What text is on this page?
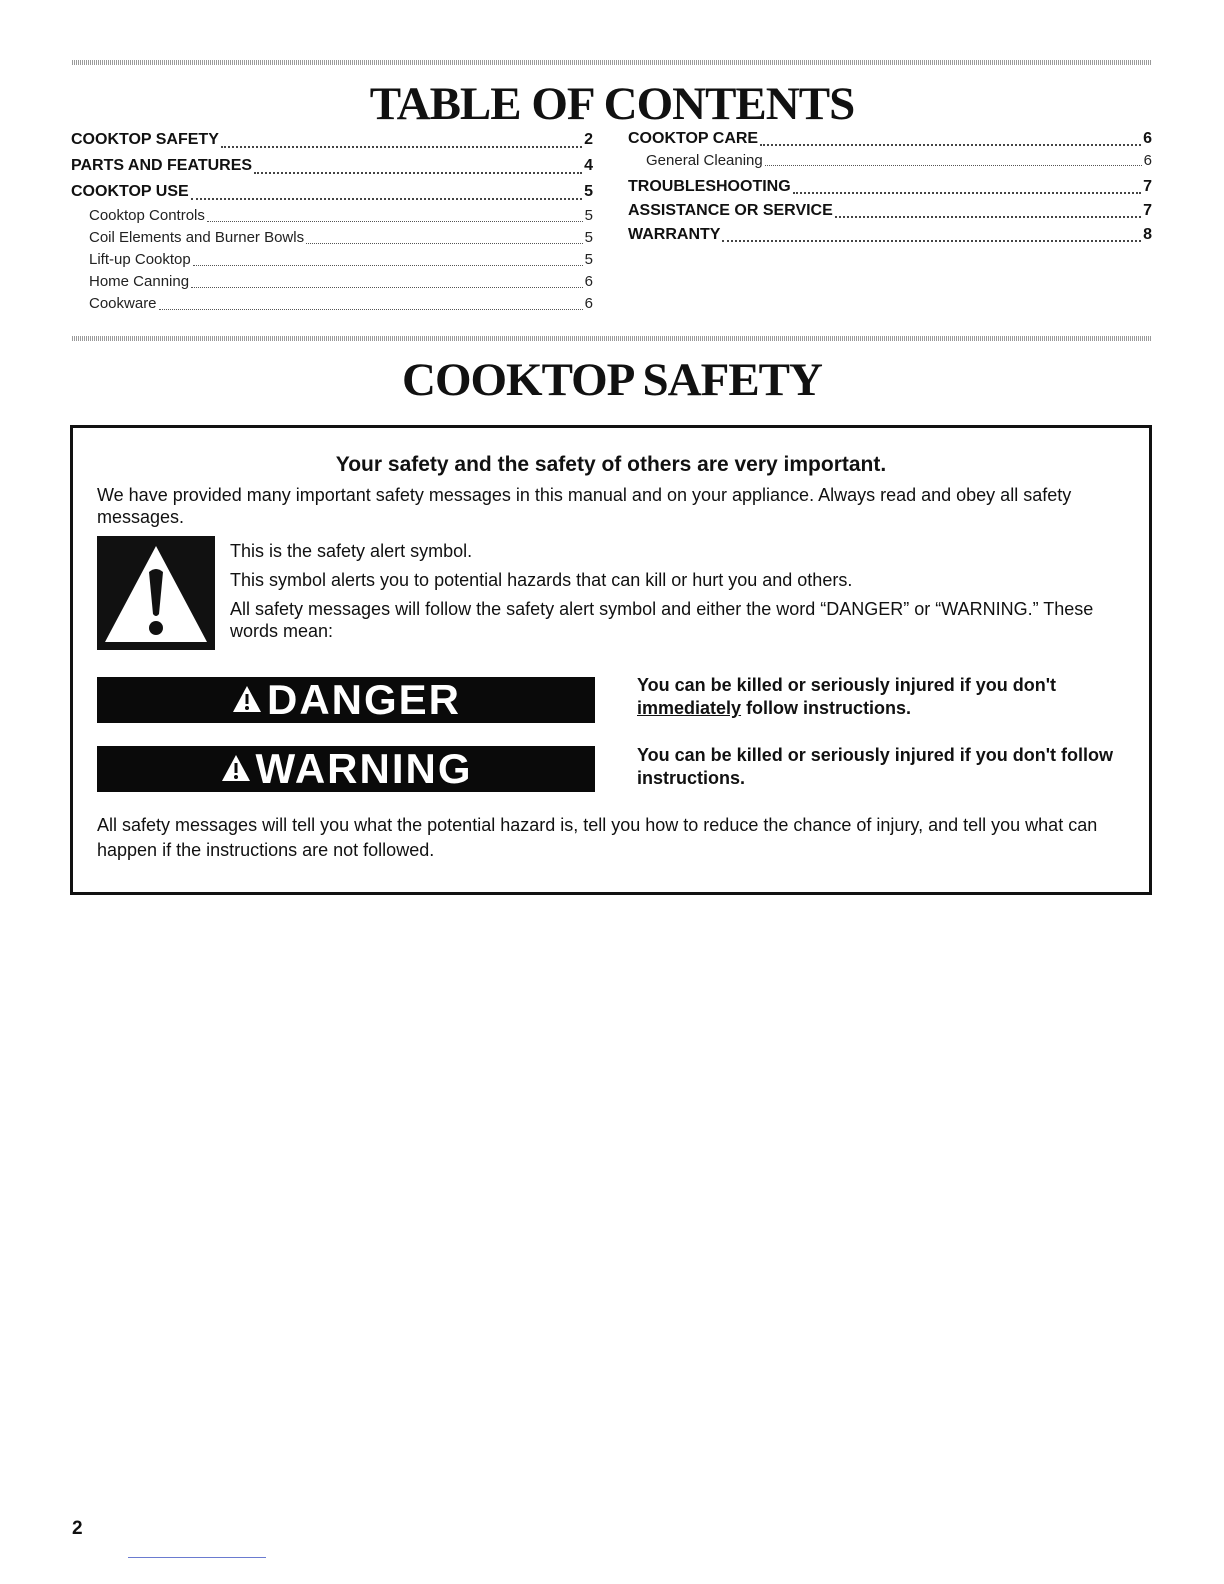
TABLE OF CONTENTS
COOKTOP SAFETY	2
PARTS AND FEATURES	4
COOKTOP USE	5
Cooktop Controls	5
Coil Elements and Burner Bowls	5
Lift-up Cooktop	5
Home Canning	6
Cookware	6
COOKTOP CARE	6
General Cleaning	6
TROUBLESHOOTING	7
ASSISTANCE OR SERVICE	7
WARRANTY	8
COOKTOP SAFETY
Your safety and the safety of others are very important.
We have provided many important safety messages in this manual and on your appliance. Always read and obey all safety messages.

This is the safety alert symbol.

This symbol alerts you to potential hazards that can kill or hurt you and others.

All safety messages will follow the safety alert symbol and either the word “DANGER” or “WARNING.” These words mean:

DANGER	You can be killed or seriously injured if you don't
immediately follow instructions.
WARNING	You can be killed or seriously injured if you don't follow instructions.
All safety messages will tell you what the potential hazard is, tell you how to reduce the chance of injury, and tell you what can happen if the instructions are not followed.
2
